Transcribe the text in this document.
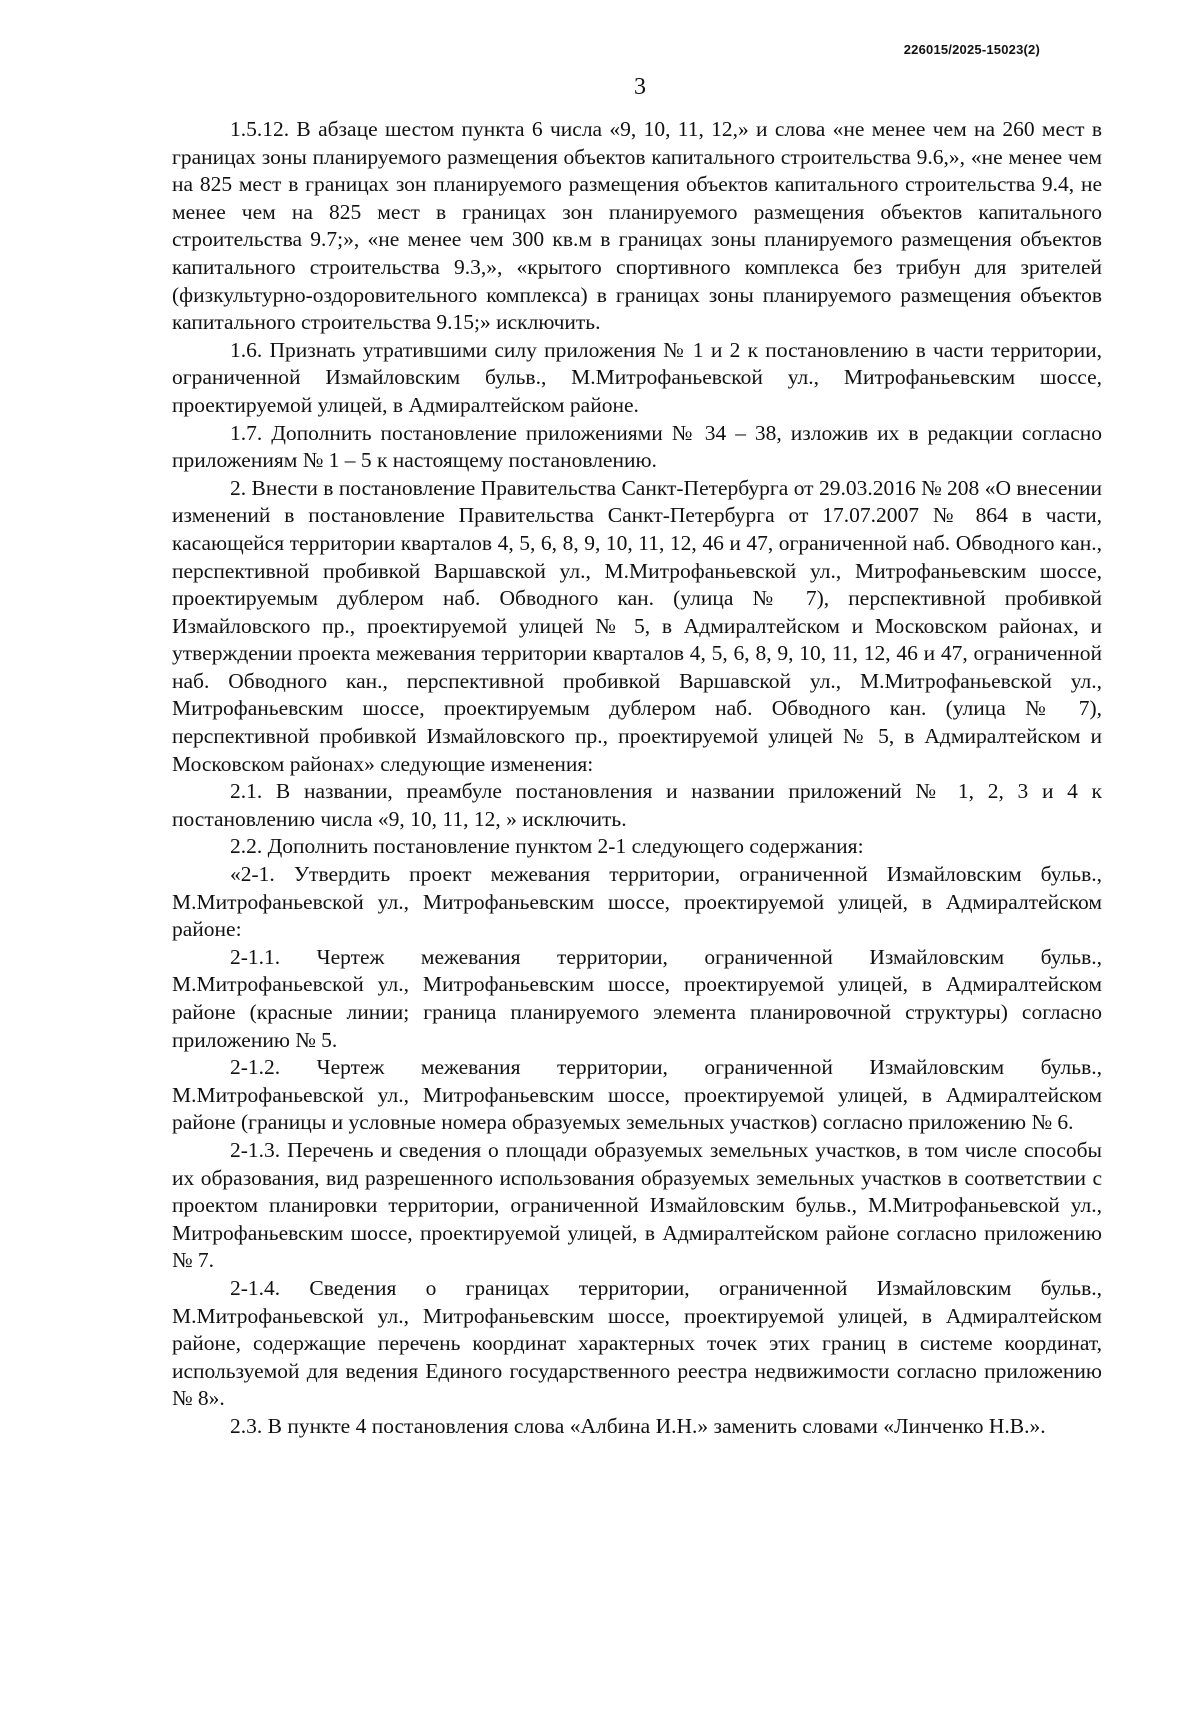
226015/2025-15023(2)
3

1.5.12. В абзаце шестом пункта 6 числа «9, 10, 11, 12,» и слова «не менее чем на 260 мест в границах зоны планируемого размещения объектов капитального строительства 9.6,», «не менее чем на 825 мест в границах зон планируемого размещения объектов капитального строительства 9.4, не менее чем на 825 мест в границах зон планируемого размещения объектов капитального строительства 9.7;», «не менее чем 300 кв.м в границах зоны планируемого размещения объектов капитального строительства 9.3,», «крытого спортивного комплекса без трибун для зрителей (физкультурно-оздоровительного комплекса) в границах зоны планируемого размещения объектов капитального строительства 9.15;» исключить.

1.6. Признать утратившими силу приложения № 1 и 2 к постановлению в части территории, ограниченной Измайловским бульв., М.Митрофаньевской ул., Митрофаньевским шоссе, проектируемой улицей, в Адмиралтейском районе.

1.7. Дополнить постановление приложениями № 34 – 38, изложив их в редакции согласно приложениям № 1 – 5 к настоящему постановлению.

2. Внести в постановление Правительства Санкт-Петербурга от 29.03.2016 № 208 «О внесении изменений в постановление Правительства Санкт-Петербурга от 17.07.2007 № 864 в части, касающейся территории кварталов 4, 5, 6, 8, 9, 10, 11, 12, 46 и 47, ограниченной наб. Обводного кан., перспективной пробивкой Варшавской ул., М.Митрофаньевской ул., Митрофаньевским шоссе, проектируемым дублером наб. Обводного кан. (улица № 7), перспективной пробивкой Измайловского пр., проектируемой улицей № 5, в Адмиралтейском и Московском районах, и утверждении проекта межевания территории кварталов 4, 5, 6, 8, 9, 10, 11, 12, 46 и 47, ограниченной наб. Обводного кан., перспективной пробивкой Варшавской ул., М.Митрофаньевской ул., Митрофаньевским шоссе, проектируемым дублером наб. Обводного кан. (улица № 7), перспективной пробивкой Измайловского пр., проектируемой улицей № 5, в Адмиралтейском и Московском районах» следующие изменения:

2.1. В названии, преамбуле постановления и названии приложений № 1, 2, 3 и 4 к постановлению числа «9, 10, 11, 12, » исключить.

2.2. Дополнить постановление пунктом 2-1 следующего содержания:

«2-1. Утвердить проект межевания территории, ограниченной Измайловским бульв., М.Митрофаньевской ул., Митрофаньевским шоссе, проектируемой улицей, в Адмиралтейском районе:

2-1.1. Чертеж межевания территории, ограниченной Измайловским бульв., М.Митрофаньевской ул., Митрофаньевским шоссе, проектируемой улицей, в Адмиралтейском районе (красные линии; граница планируемого элемента планировочной структуры) согласно приложению № 5.

2-1.2. Чертеж межевания территории, ограниченной Измайловским бульв., М.Митрофаньевской ул., Митрофаньевским шоссе, проектируемой улицей, в Адмиралтейском районе (границы и условные номера образуемых земельных участков) согласно приложению № 6.

2-1.3. Перечень и сведения о площади образуемых земельных участков, в том числе способы их образования, вид разрешенного использования образуемых земельных участков в соответствии с проектом планировки территории, ограниченной Измайловским бульв., М.Митрофаньевской ул., Митрофаньевским шоссе, проектируемой улицей, в Адмиралтейском районе согласно приложению № 7.

2-1.4. Сведения о границах территории, ограниченной Измайловским бульв., М.Митрофаньевской ул., Митрофаньевским шоссе, проектируемой улицей, в Адмиралтейском районе, содержащие перечень координат характерных точек этих границ в системе координат, используемой для ведения Единого государственного реестра недвижимости согласно приложению № 8».

2.3. В пункте 4 постановления слова «Албина И.Н.» заменить словами «Линченко Н.В.».
